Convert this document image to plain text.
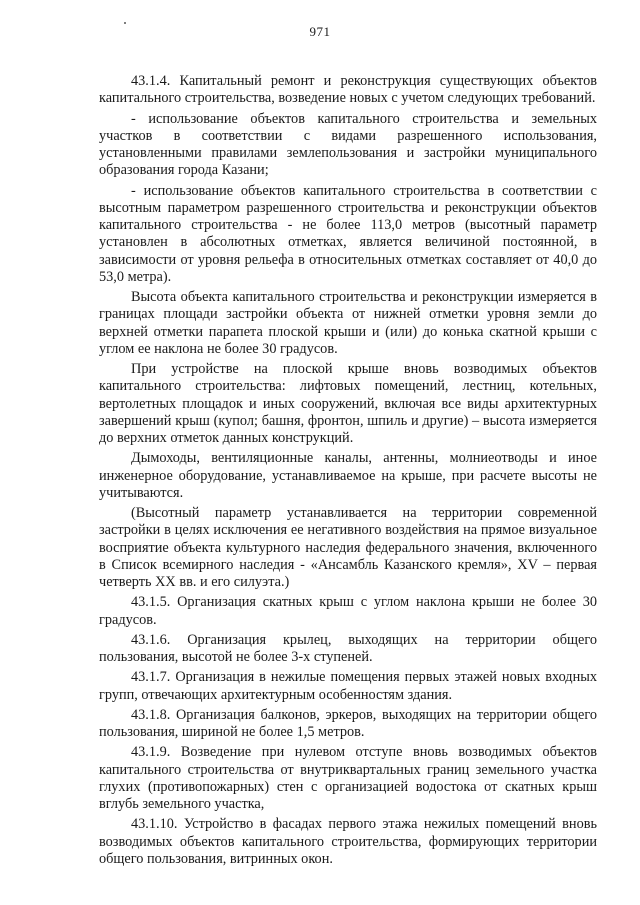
971

43.1.4. Капитальный ремонт и реконструкция существующих объектов капитального строительства, возведение новых с учетом следующих требований.

- использование объектов капитального строительства и земельных участков в соответствии с видами разрешенного использования, установленными правилами землепользования и застройки муниципального образования города Казани;

- использование объектов капитального строительства в соответствии с высотным параметром разрешенного строительства и реконструкции объектов капитального строительства - не более 113,0 метров (высотный параметр установлен в абсолютных отметках, является величиной постоянной, в зависимости от уровня рельефа в относительных отметках составляет от 40,0 до 53,0 метра).

Высота объекта капитального строительства и реконструкции измеряется в границах площади застройки объекта от нижней отметки уровня земли до верхней отметки парапета плоской крыши и (или) до конька скатной крыши с углом ее наклона не более 30 градусов.

При устройстве на плоской крыше вновь возводимых объектов капитального строительства: лифтовых помещений, лестниц, котельных, вертолетных площадок и иных сооружений, включая все виды архитектурных завершений крыш (купол; башня, фронтон, шпиль и другие) – высота измеряется до верхних отметок данных конструкций.

Дымоходы, вентиляционные каналы, антенны, молниеотводы и иное инженерное оборудование, устанавливаемое на крыше, при расчете высоты не учитываются.

(Высотный параметр устанавливается на территории современной застройки в целях исключения ее негативного воздействия на прямое визуальное восприятие объекта культурного наследия федерального значения, включенного в Список всемирного наследия - «Ансамбль Казанского кремля», XV – первая четверть XX вв. и его силуэта.)

43.1.5. Организация скатных крыш с углом наклона крыши не более 30 градусов.

43.1.6. Организация крылец, выходящих на территории общего пользования, высотой не более 3-х ступеней.

43.1.7. Организация в нежилые помещения первых этажей новых входных групп, отвечающих архитектурным особенностям здания.

43.1.8. Организация балконов, эркеров, выходящих на территории общего пользования, шириной не более 1,5 метров.

43.1.9. Возведение при нулевом отступе вновь возводимых объектов капитального строительства от внутриквартальных границ земельного участка глухих (противопожарных) стен с организацией водостока от скатных крыш вглубь земельного участка,

43.1.10. Устройство в фасадах первого этажа нежилых помещений вновь возводимых объектов капитального строительства, формирующих территории общего пользования, витринных окон.
